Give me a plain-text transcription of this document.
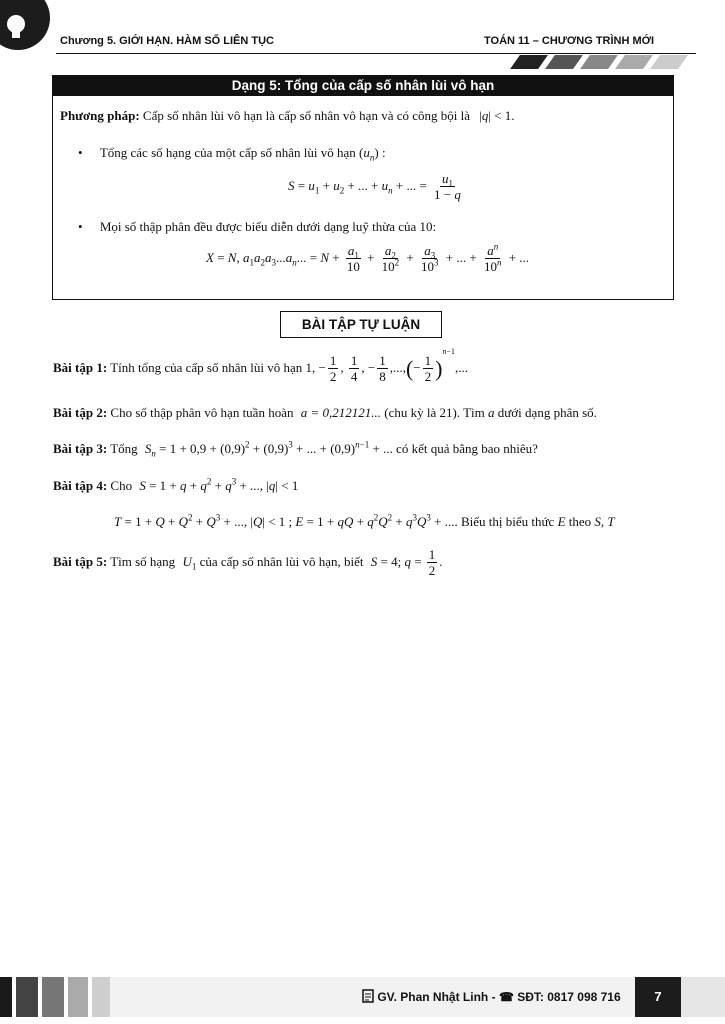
Chương 5. GIỚI HẠN. HÀM SỐ LIÊN TỤC	TOÁN 11 – CHƯƠNG TRÌNH MỚI
Dạng 5: Tổng của cấp số nhân lùi vô hạn
Phương pháp: Cấp số nhân lùi vô hạn là cấp số nhân vô hạn và có công bội là |q| < 1.
• Tổng các số hạng của một cấp số nhân lùi vô hạn $(u_n)$ :
$S = u_1 + u_2$ + ... + $u_n$ + ... = $\frac{u_1}{1 - q}$
• Mọi số thập phân đều được biểu diễn dưới dạng luỹ thừa của 10:
X = N, $a_1a_2a_3...a_n$... = $N + \frac{a_1}{10} + \frac{a_2}{10^2} + \frac{a_3}{10^3}$ + ... + $\frac{a^n}{10^n}$ + ...
BÀI TẬP TỰ LUẬN
Bài tập 1: Tính tổng của cấp số nhân lùi vô hạn 1, − $\frac{1}{2}$ , $\frac{1}{4}$ , − $\frac{1}{8}$ ,...,(− $\frac{1}{2} )^{n-1}$,...
Bài tập 2: Cho số thập phân vô hạn tuần hoàn a = 0,212121... (chu kỳ là 21). Tìm a dưới dạng phân số.
Bài tập 3: Tổng $S_n = 1 + 0,9 + (0,9)^2 + (0,9)^3$ + ... + $(0,9)^{n-1}$ + ... có kết quả bằng bao nhiêu?
Bài tập 4: Cho $S = 1 + q + q^2 + q^3$ + ..., |q| < 1
$T = 1 + Q + Q^2 + Q^3$ + ..., |Q| < 1 ; E = 1 + qQ + $q^2Q^2 + q^3Q^3$ + .... Biểu thị biểu thức E theo S, T
Bài tập 5: Tìm số hạng $U_1$ của cấp số nhân lùi vô hạn, biết S = 4; $q = \frac{1}{2}$ .
GV. Phan Nhật Linh - ☎ SĐT: 0817 098 716	7
